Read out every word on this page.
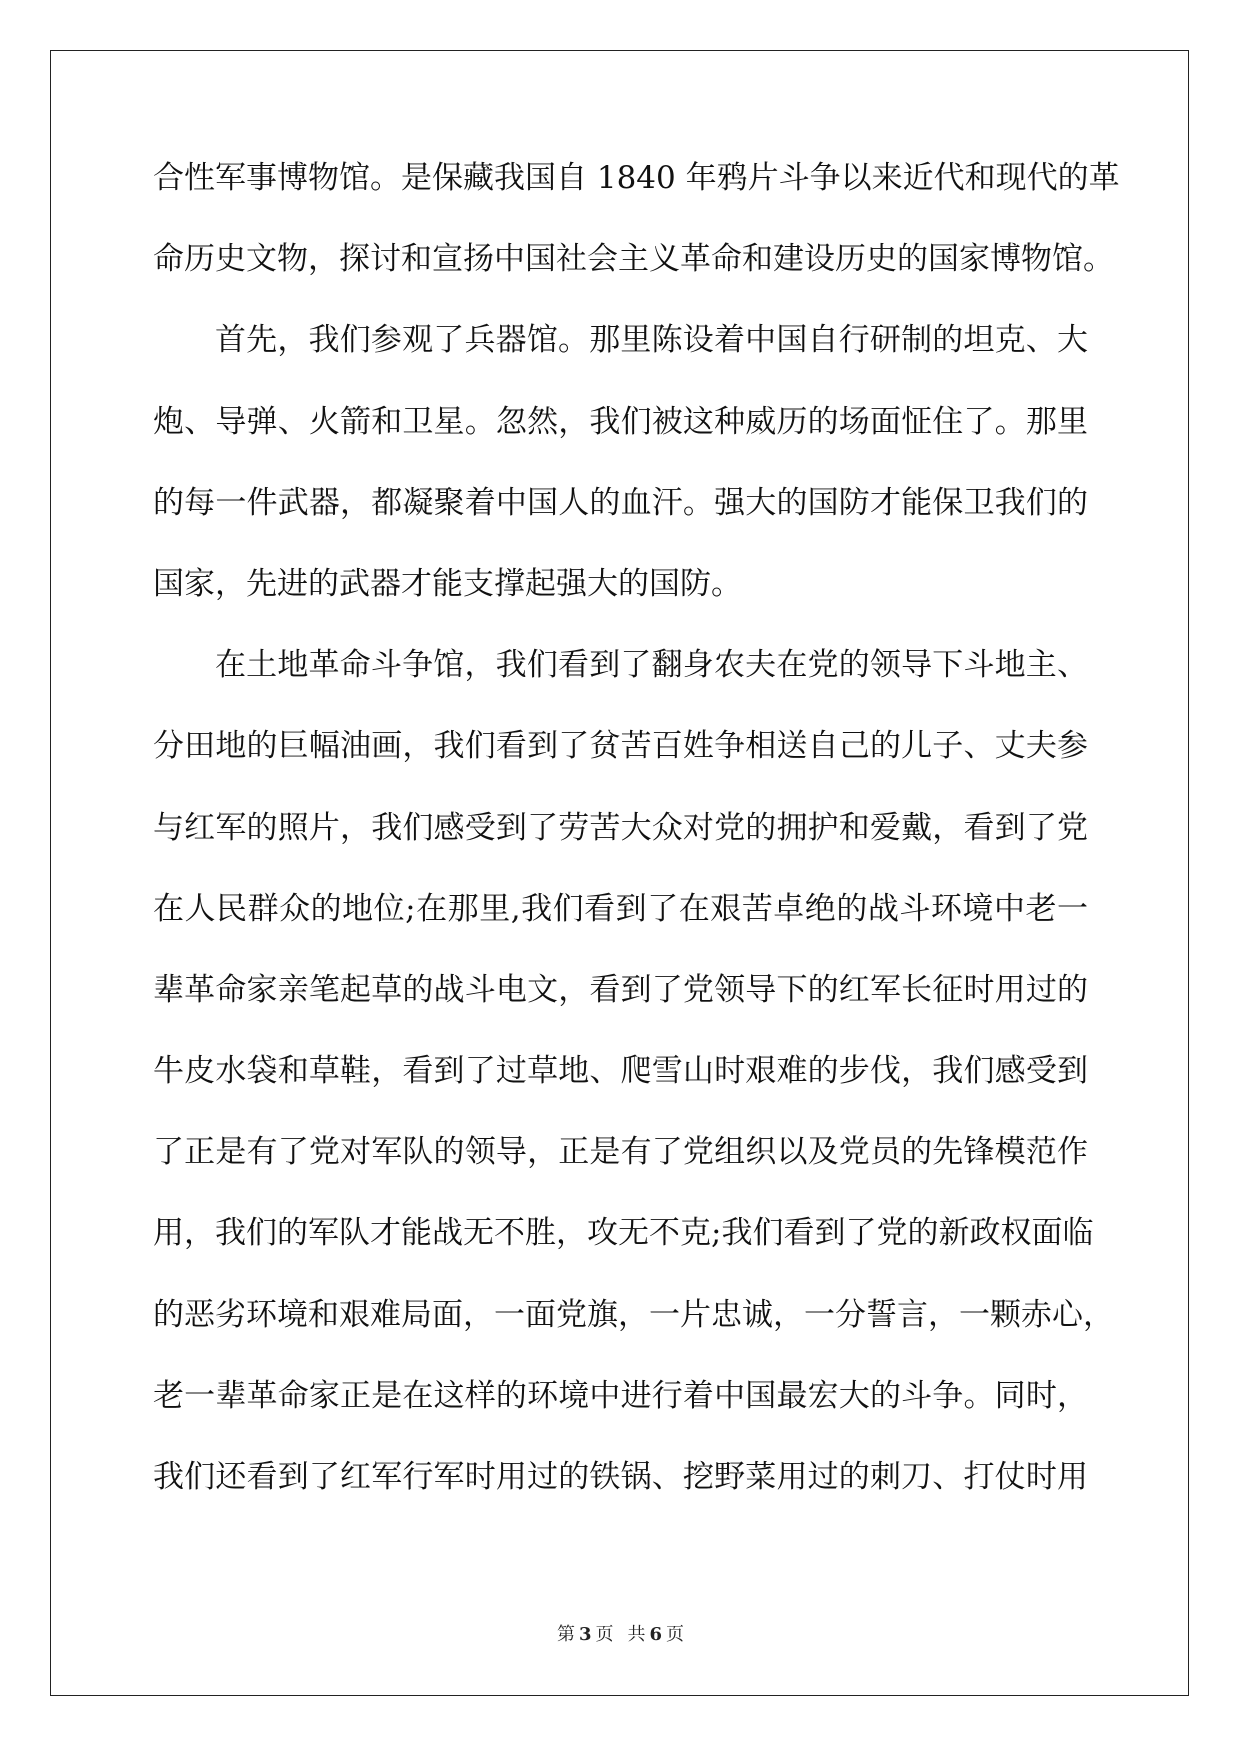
合性军事博物馆。是保藏我国自 1840 年鸦片斗争以来近代和现代的革
命历史文物，探讨和宣扬中国社会主义革命和建设历史的国家博物馆。
首先，我们参观了兵器馆。那里陈设着中国自行研制的坦克、大
炮、导弹、火箭和卫星。忽然，我们被这种威历的场面怔住了。那里
的每一件武器，都凝聚着中国人的血汗。强大的国防才能保卫我们的
国家，先进的武器才能支撑起强大的国防。
在土地革命斗争馆，我们看到了翻身农夫在党的领导下斗地主、
分田地的巨幅油画，我们看到了贫苦百姓争相送自己的儿子、丈夫参
与红军的照片，我们感受到了劳苦大众对党的拥护和爱戴，看到了党
在人民群众的地位;在那里,我们看到了在艰苦卓绝的战斗环境中老一
辈革命家亲笔起草的战斗电文，看到了党领导下的红军长征时用过的
牛皮水袋和草鞋，看到了过草地、爬雪山时艰难的步伐，我们感受到
了正是有了党对军队的领导，正是有了党组织以及党员的先锋模范作
用，我们的军队才能战无不胜，攻无不克;我们看到了党的新政权面临
的恶劣环境和艰难局面，一面党旗，一片忠诚，一分誓言，一颗赤心，
老一辈革命家正是在这样的环境中进行着中国最宏大的斗争。同时，
我们还看到了红军行军时用过的铁锅、挖野菜用过的刺刀、打仗时用
第 3 页 共 6 页
